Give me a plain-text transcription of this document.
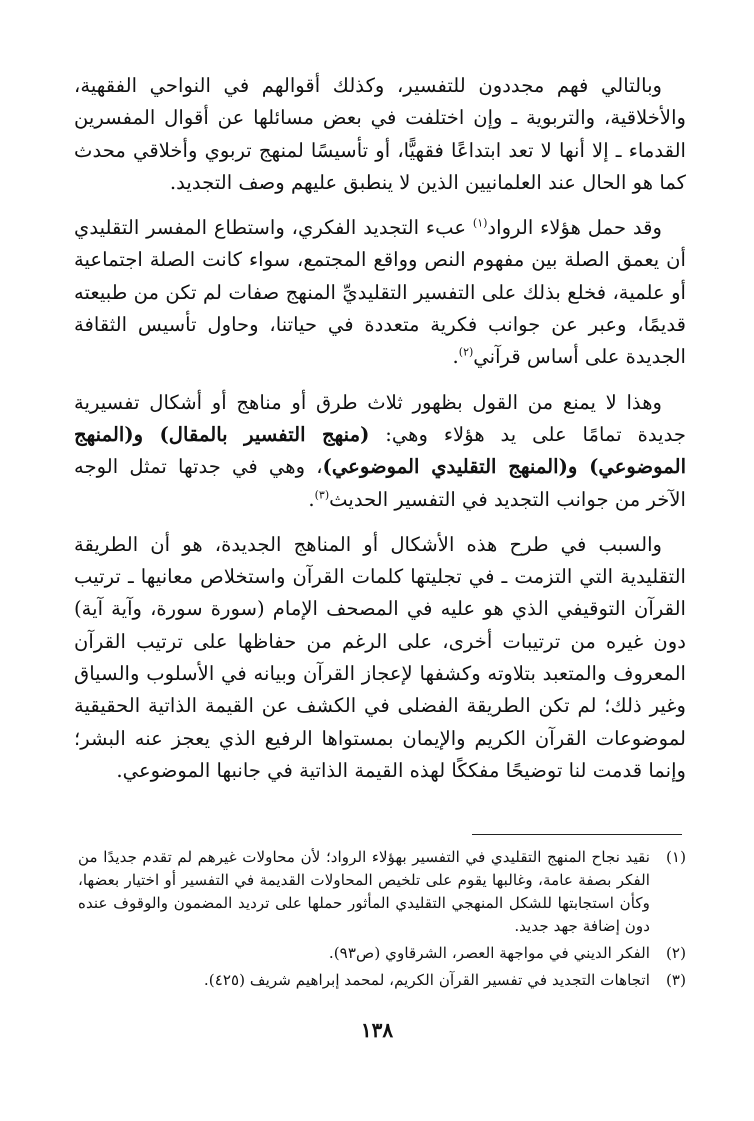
وبالتالي فهم مجددون للتفسير، وكذلك أقوالهم في النواحي الفقهية، والأخلاقية، والتربوية ـ وإن اختلفت في بعض مسائلها عن أقوال المفسرين القدماء ـ إلا أنها لا تعد ابتداعًا فقهيًّا، أو تأسيسًا لمنهج تربوي وأخلاقي محدث كما هو الحال عند العلمانيين الذين لا ينطبق عليهم وصف التجديد.

وقد حمل هؤلاء الرواد$^{(١)}$ عبء التجديد الفكري، واستطاع المفسر التقليدي أن يعمق الصلة بين مفهوم النص وواقع المجتمع، سواء كانت الصلة اجتماعية أو علمية، فخلع بذلك على التفسير التقليديِّ المنهج صفات لم تكن من طبيعته قديمًا، وعبر عن جوانب فكرية متعددة في حياتنا، وحاول تأسيس الثقافة الجديدة على أساس قرآني$^{(٢)}$.

وهذا لا يمنع من القول بظهور ثلاث طرق أو مناهج أو أشكال تفسيرية جديدة تمامًا على يد هؤلاء وهي: (منهج التفسير بالمقال) و(المنهج الموضوعي) و(المنهج التقليدي الموضوعي)، وهي في جدتها تمثل الوجه الآخر من جوانب التجديد في التفسير الحديث$^{(٣)}$.

والسبب في طرح هذه الأشكال أو المناهج الجديدة، هو أن الطريقة التقليدية التي التزمت ـ في تجليتها كلمات القرآن واستخلاص معانيها ـ ترتيب القرآن التوقيفي الذي هو عليه في المصحف الإمام (سورة سورة، وآية آية) دون غيره من ترتيبات أخرى، على الرغم من حفاظها على ترتيب القرآن المعروف والمتعبد بتلاوته وكشفها لإعجاز القرآن وبيانه في الأسلوب والسياق وغير ذلك؛ لم تكن الطريقة الفضلى في الكشف عن القيمة الذاتية الحقيقية لموضوعات القرآن الكريم والإيمان بمستواها الرفيع الذي يعجز عنه البشر؛ وإنما قدمت لنا توضيحًا مفككًا لهذه القيمة الذاتية في جانبها الموضوعي.

(١)
نقيد نجاح المنهج التقليدي في التفسير بهؤلاء الرواد؛ لأن محاولات غيرهم لم تقدم جديدًا من الفكر بصفة عامة، وغالبها يقوم على تلخيص المحاولات القديمة في التفسير أو اختيار بعضها، وكأن استجابتها للشكل المنهجي التقليدي المأثور حملها على ترديد المضمون والوقوف عنده دون إضافة جهد جديد.
(٢)
الفكر الديني في مواجهة العصر، الشرقاوي (ص٩٣).
(٣)
اتجاهات التجديد في تفسير القرآن الكريم، لمحمد إبراهيم شريف (٤٢٥).
١٣٨
